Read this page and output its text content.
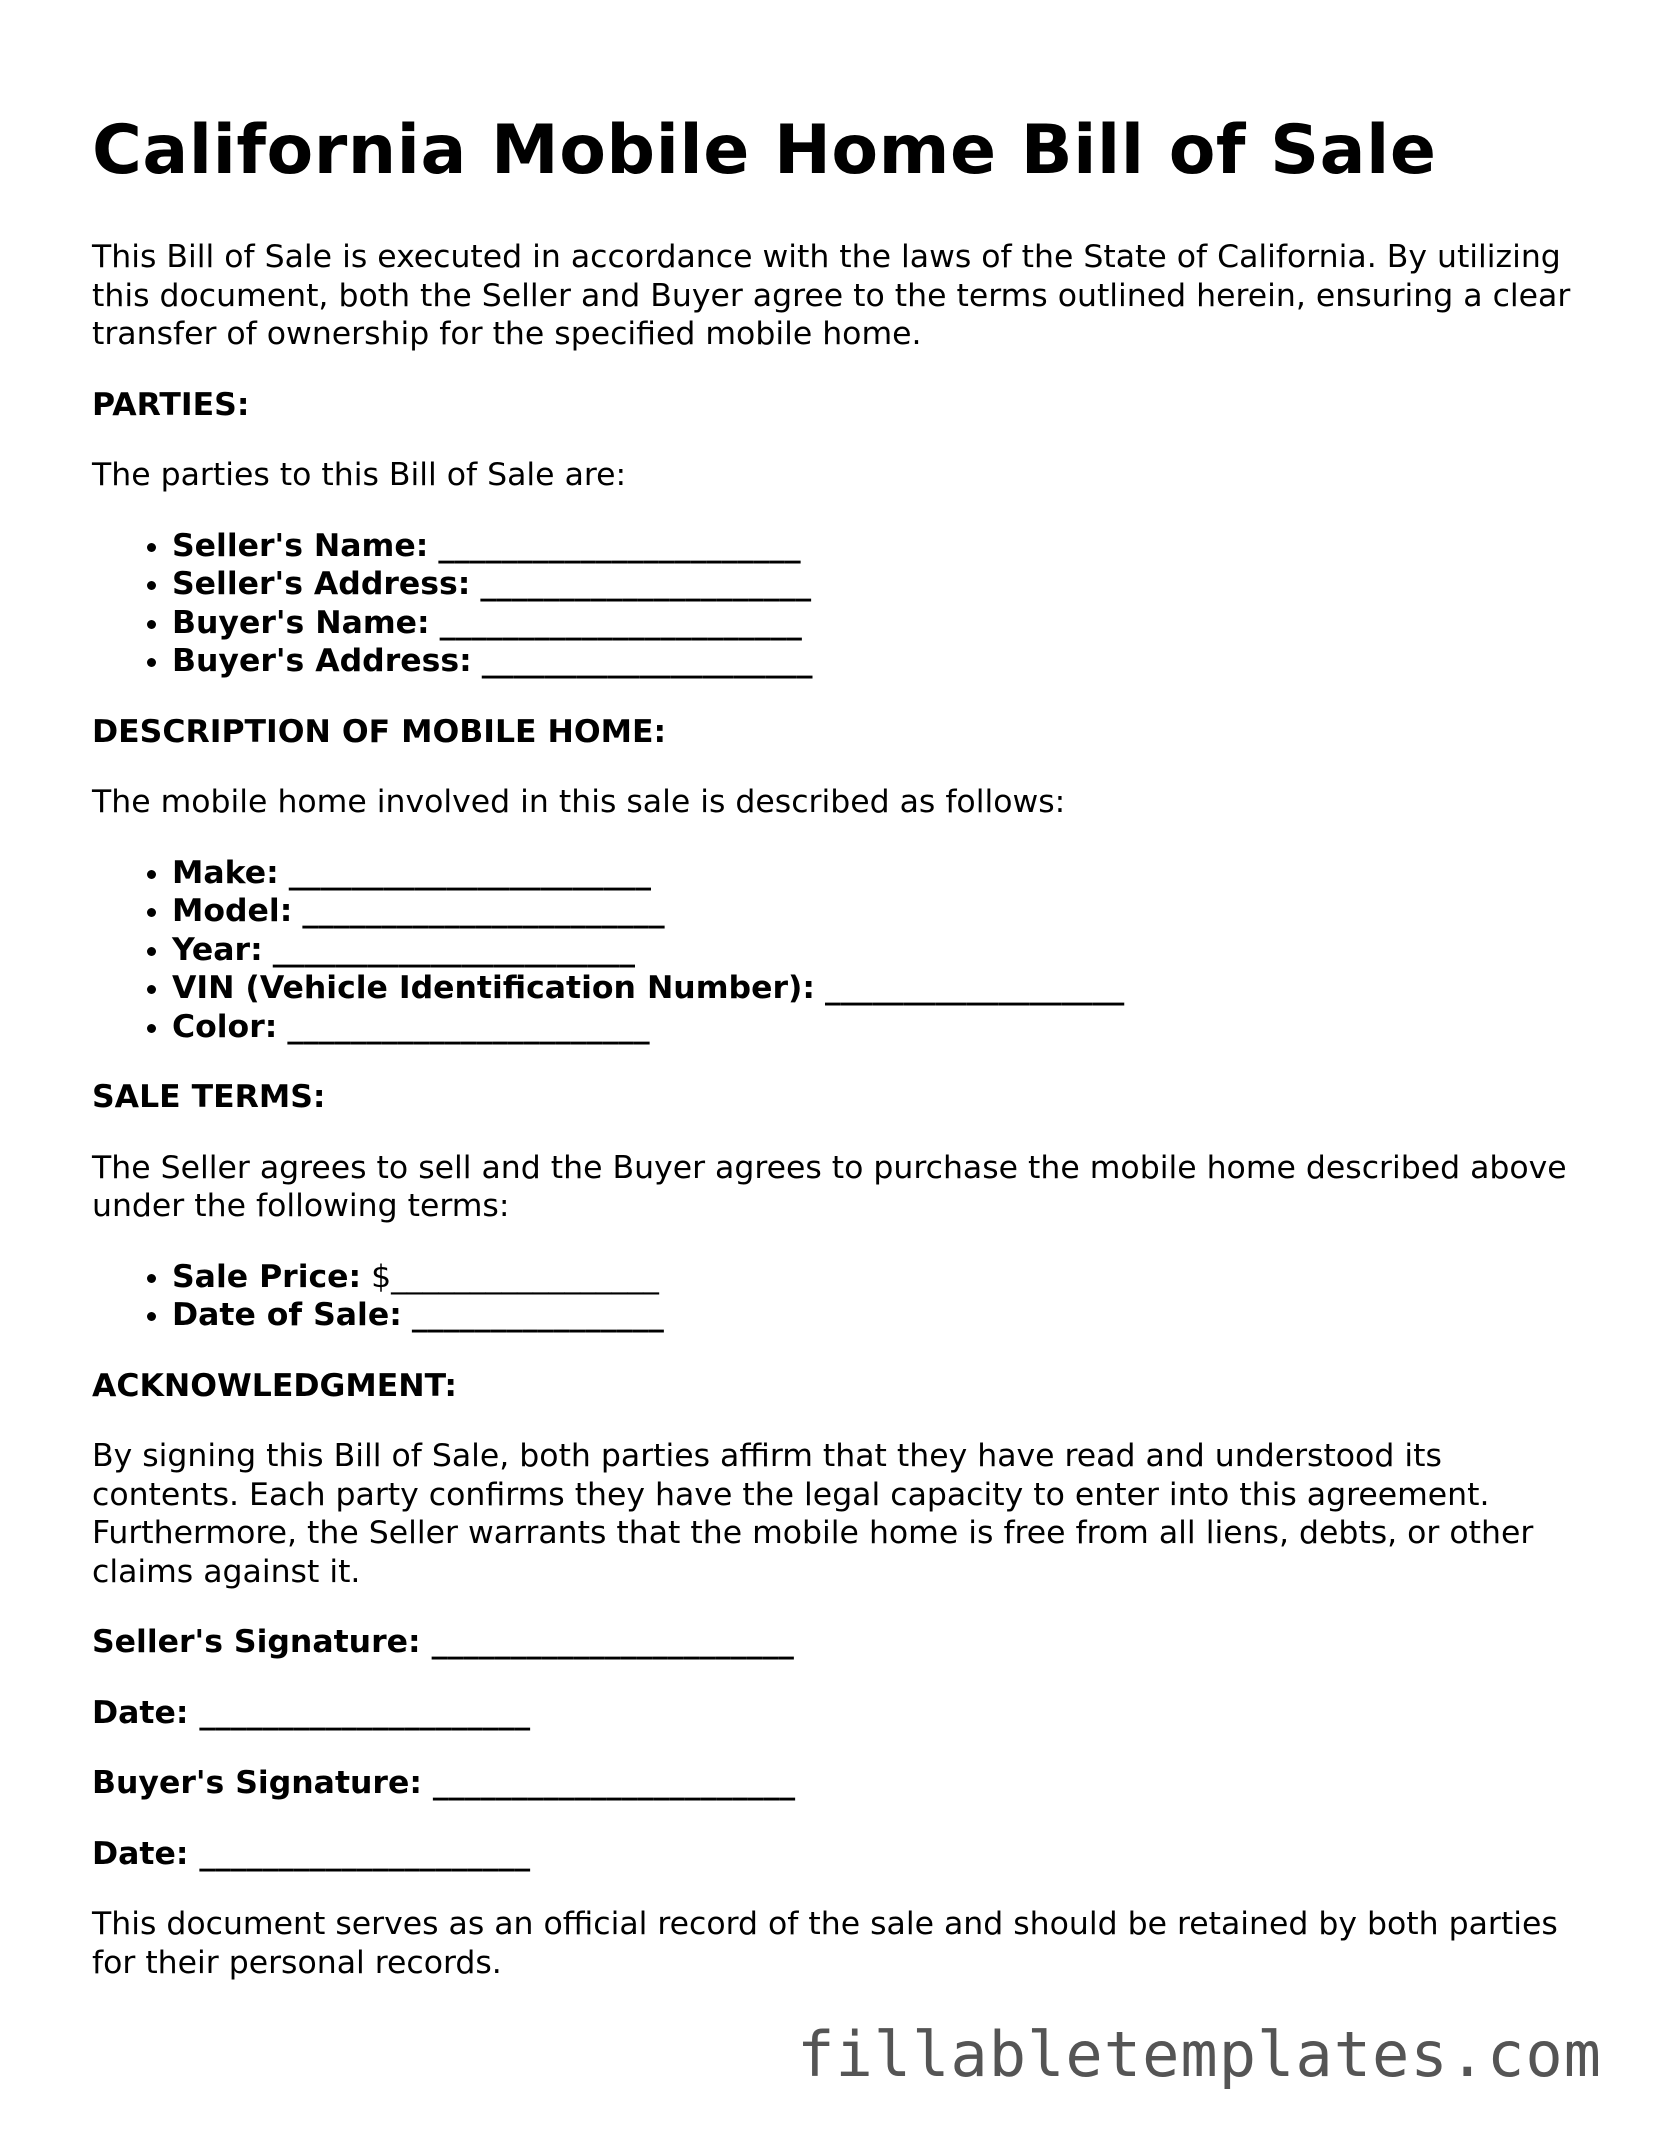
California Mobile Home Bill of Sale

This Bill of Sale is executed in accordance with the laws of the State of California. By utilizing this document, both the Seller and Buyer agree to the terms outlined herein, ensuring a clear transfer of ownership for the specified mobile home.

PARTIES:

The parties to this Bill of Sale are:

• Seller's Name: _______________________
• Seller's Address: _____________________
• Buyer's Name: _______________________
• Buyer's Address: _____________________

DESCRIPTION OF MOBILE HOME:

The mobile home involved in this sale is described as follows:

• Make: _______________________
• Model: _______________________
• Year: _______________________
• VIN (Vehicle Identification Number): ___________________
• Color: _______________________

SALE TERMS:

The Seller agrees to sell and the Buyer agrees to purchase the mobile home described above under the following terms:

• Sale Price: $_________________
• Date of Sale: ________________

ACKNOWLEDGMENT:

By signing this Bill of Sale, both parties affirm that they have read and understood its contents. Each party confirms they have the legal capacity to enter into this agreement. Furthermore, the Seller warrants that the mobile home is free from all liens, debts, or other claims against it.

Seller's Signature: _______________________

Date: _____________________

Buyer's Signature: _______________________

Date: _____________________

This document serves as an official record of the sale and should be retained by both parties for their personal records.

fillabletemplates.com
